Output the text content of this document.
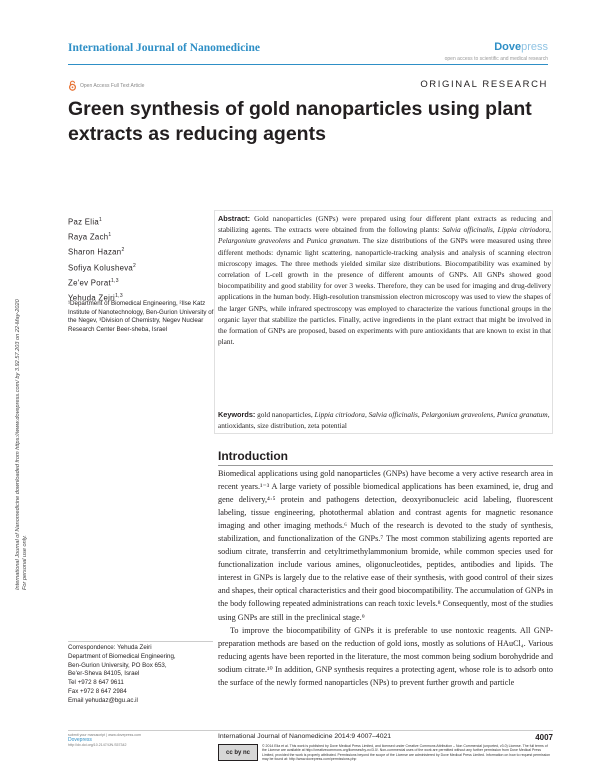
International Journal of Nanomedicine	Dovepress
open access to scientific and medical research
Open Access Full Text Article	ORIGINAL RESEARCH
Green synthesis of gold nanoparticles using plant extracts as reducing agents
International Journal of Nanomedicine downloaded from https://www.dovepress.com/ by 3.92.57.203 on 22-May-2020 For personal use only.
Paz Elia$^1$
Raya Zach$^1$
Sharon Hazan$^2$
Sofiya Kolusheva$^2$
Ze'ev Porat$^{1,3}$
Yehuda Zeiri$^{1,3}$
¹Department of Biomedical Engineering, ²Ilse Katz Institute of Nanotechnology, Ben-Gurion University of the Negev, ³Division of Chemistry, Negev Nuclear Research Center Beer-sheba, Israel

Abstract: Gold nanoparticles (GNPs) were prepared using four different plant extracts as reducing and stabilizing agents. The extracts were obtained from the following plants: Salvia officinalis, Lippia citriodora, Pelargonium graveolens and Punica granatum. The size distributions of the GNPs were measured using three different methods: dynamic light scattering, nanoparticle-tracking analysis and analysis of scanning electron microscopy images. The three methods yielded similar size distributions. Biocompatibility was examined by correlation of L-cell growth in the presence of different amounts of GNPs. All GNPs showed good biocompatibility and good stability for over 3 weeks. Therefore, they can be used for imaging and drug-delivery applications in the human body. High-resolution transmission electron microscopy was used to view the shapes of the larger GNPs, while infrared spectroscopy was employed to characterize the various functional groups in the organic layer that stabilize the particles. Finally, active ingredients in the plant extract that might be involved in the formation of GNPs are proposed, based on experiments with pure antioxidants that are known to exist in that plant.

Keywords: gold nanoparticles, Lippia citriodora, Salvia officinalis, Pelargonium graveolens, Punica granatum, antioxidants, size distribution, zeta potential

Introduction

Biomedical applications using gold nanoparticles (GNPs) have become a very active research area in recent years.¹⁻³ A large variety of possible biomedical applications has been examined, ie, drug and gene delivery,⁴·⁵ protein and pathogens detection, deoxyribonucleic acid labeling, fluorescent labeling, tissue engineering, photothermal ablation and contrast agents for magnetic resonance imaging and other imaging methods.⁶ Much of the research is devoted to the study of synthesis, stabilization, and functionalization of the GNPs.⁷ The most common stabilizing agents reported are sodium citrate, transferrin and cetyltrimethylammonium bromide, while common species used for functionalization include various amines, oligonucleotides, peptides, antibodies and lipids. The interest in GNPs is largely due to the relative ease of their synthesis, with good control of their sizes and shapes, their optical characteristics and their good biocompatibility. The accumulation of GNPs in the body following repeated administrations can reach toxic levels.⁸ Consequently, most of the studies using GNPs are still in the preclinical stage.⁹

To improve the biocompatibility of GNPs it is preferable to use nontoxic reagents. All GNP-preparation methods are based on the reduction of gold ions, mostly as solutions of HAuCl₄. Various reducing agents have been reported in the literature, the most common being sodium borohydride and sodium citrate.¹⁰ In addition, GNP synthesis requires a protecting agent, whose role is to adsorb onto the surface of the newly formed nanoparticles (NPs) to prevent further growth and particle

Correspondence: Yehuda Zeiri
Department of Biomedical Engineering,
Ben-Gurion University, PO Box 653,
Be'er-Sheva 84105, Israel
Tel +972 8 647 9611
Fax +972 8 647 2984
Email yehudaz@bgu.ac.il
submit your manuscript | www.dovepress.com
Dovepress
http://dx.doi.org/10.2147/IJN.S57342
International Journal of Nanomedicine 2014:9 4007–4021	4007
cc by nc
© 2014 Elia et al. This work is published by Dove Medical Press Limited, and licensed under Creative Commons Attribution – Non Commercial (unported, v3.0) License. The full terms of the License are available at http://creativecommons.org/licenses/by-nc/3.0/. Non-commercial uses of the work are permitted without any further permission from Dove Medical Press Limited, provided the work is properly attributed. Permissions beyond the scope of the License are administered by Dove Medical Press Limited. Information on how to request permission may be found at: http://www.dovepress.com/permissions.php
